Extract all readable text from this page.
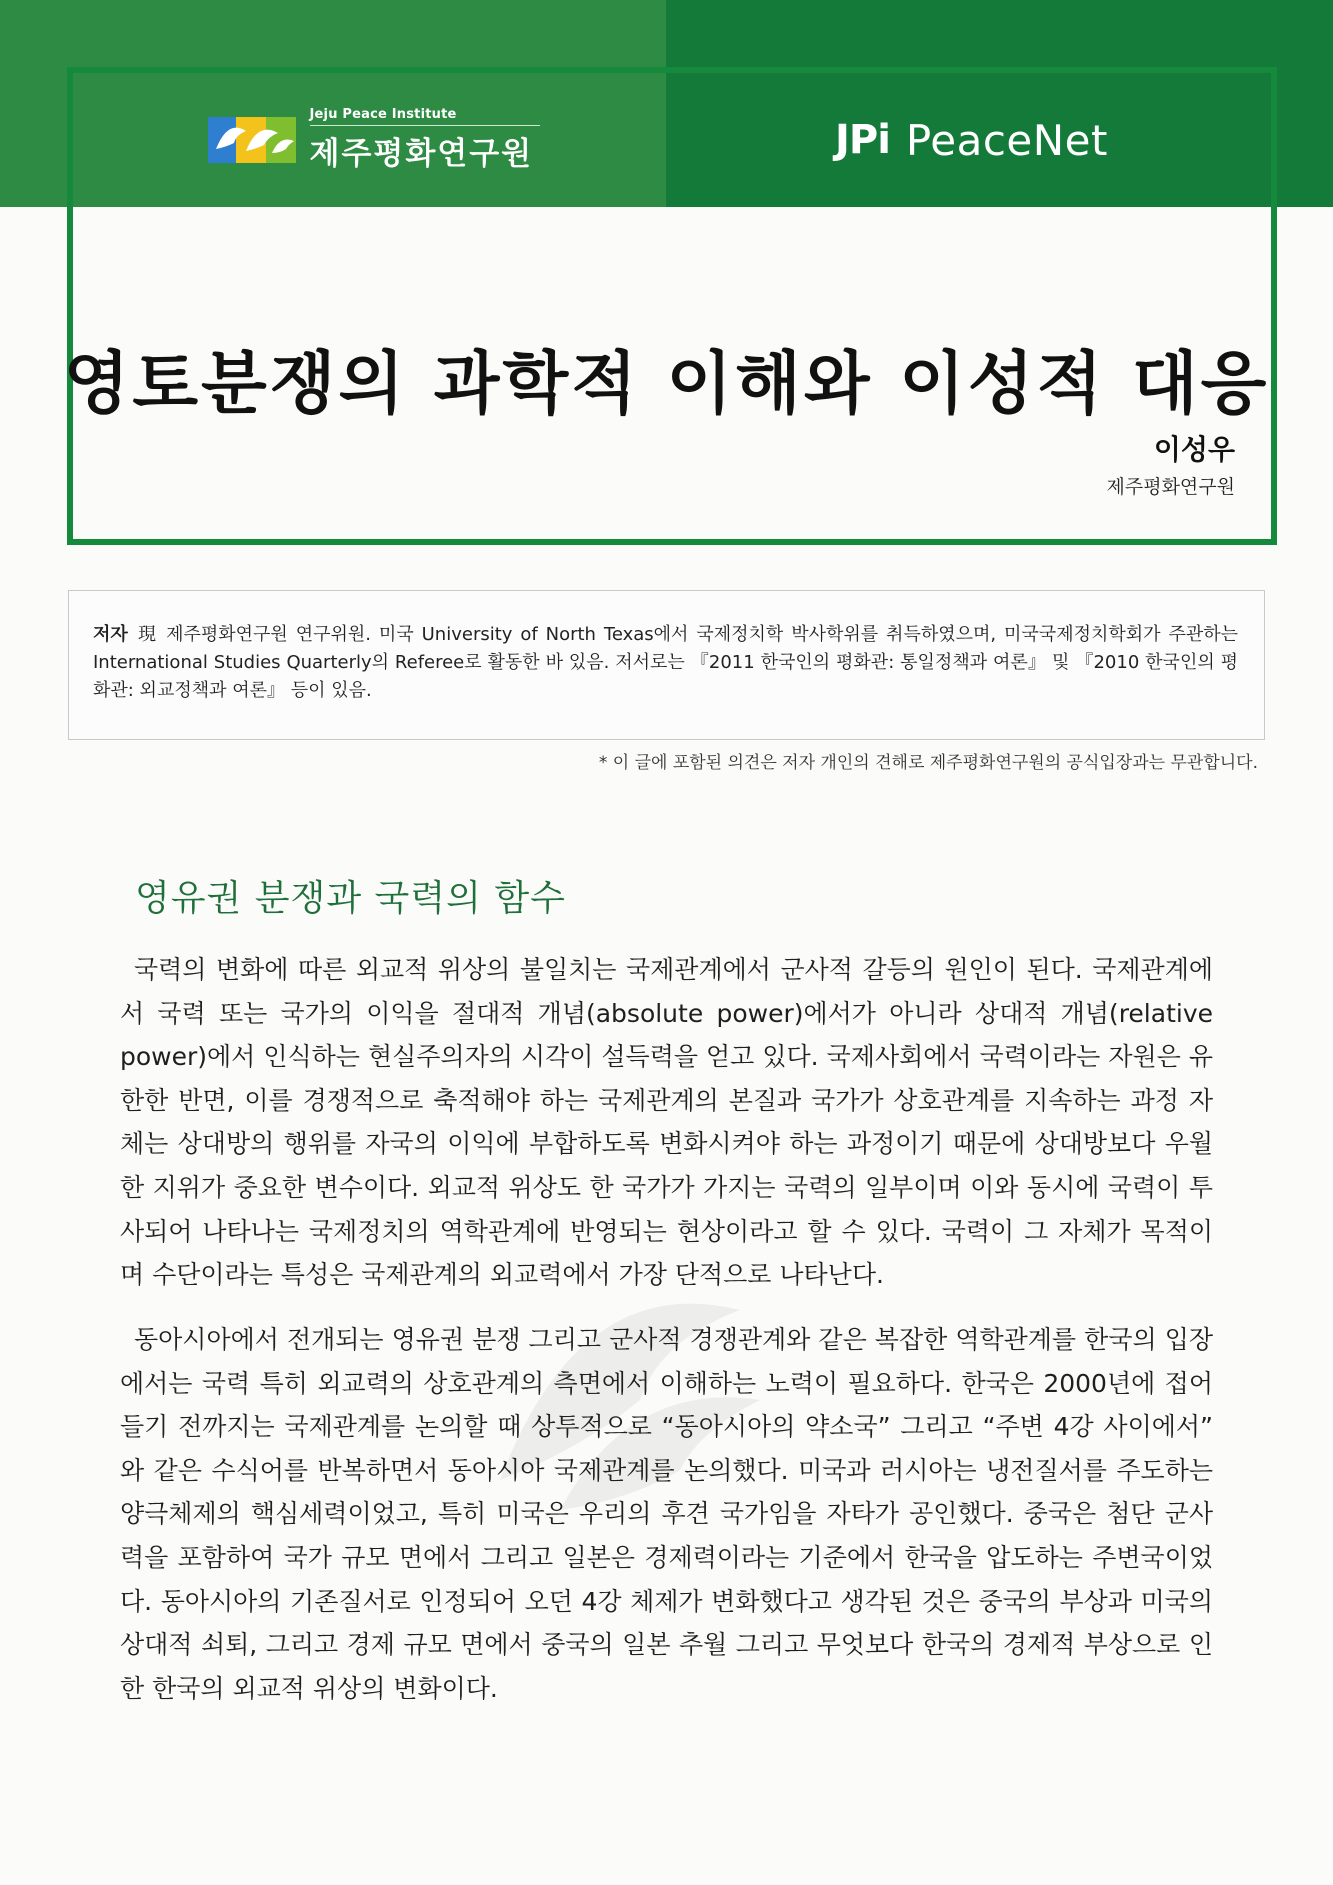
Jeju Peace Institute
제주평화연구원	JPi PeaceNet
영토분쟁의 과학적 이해와 이성적 대응
이성우
제주평화연구원
저자 現 제주평화연구원 연구위원. 미국 University of North Texas에서 국제정치학 박사학위를 취득하였으며, 미국국제정치학회가 주관하는 International Studies Quarterly의 Referee로 활동한 바 있음. 저서로는 『2011 한국인의 평화관: 통일정책과 여론』 및 『2010 한국인의 평화관: 외교정책과 여론』 등이 있음.
* 이 글에 포함된 의견은 저자 개인의 견해로 제주평화연구원의 공식입장과는 무관합니다.
영유권 분쟁과 국력의 함수
국력의 변화에 따른 외교적 위상의 불일치는 국제관계에서 군사적 갈등의 원인이 된다. 국제관계에서 국력 또는 국가의 이익을 절대적 개념(absolute power)에서가 아니라 상대적 개념(relative power)에서 인식하는 현실주의자의 시각이 설득력을 얻고 있다. 국제사회에서 국력이라는 자원은 유한한 반면, 이를 경쟁적으로 축적해야 하는 국제관계의 본질과 국가가 상호관계를 지속하는 과정 자체는 상대방의 행위를 자국의 이익에 부합하도록 변화시켜야 하는 과정이기 때문에 상대방보다 우월한 지위가 중요한 변수이다. 외교적 위상도 한 국가가 가지는 국력의 일부이며 이와 동시에 국력이 투사되어 나타나는 국제정치의 역학관계에 반영되는 현상이라고 할 수 있다. 국력이 그 자체가 목적이며 수단이라는 특성은 국제관계의 외교력에서 가장 단적으로 나타난다.
동아시아에서 전개되는 영유권 분쟁 그리고 군사적 경쟁관계와 같은 복잡한 역학관계를 한국의 입장에서는 국력 특히 외교력의 상호관계의 측면에서 이해하는 노력이 필요하다. 한국은 2000년에 접어들기 전까지는 국제관계를 논의할 때 상투적으로 “동아시아의 약소국” 그리고 “주변 4강 사이에서” 와 같은 수식어를 반복하면서 동아시아 국제관계를 논의했다. 미국과 러시아는 냉전질서를 주도하는 양극체제의 핵심세력이었고, 특히 미국은 우리의 후견 국가임을 자타가 공인했다. 중국은 첨단 군사력을 포함하여 국가 규모 면에서 그리고 일본은 경제력이라는 기준에서 한국을 압도하는 주변국이었다. 동아시아의 기존질서로 인정되어 오던 4강 체제가 변화했다고 생각된 것은 중국의 부상과 미국의 상대적 쇠퇴, 그리고 경제 규모 면에서 중국의 일본 추월 그리고 무엇보다 한국의 경제적 부상으로 인한 한국의 외교적 위상의 변화이다.
